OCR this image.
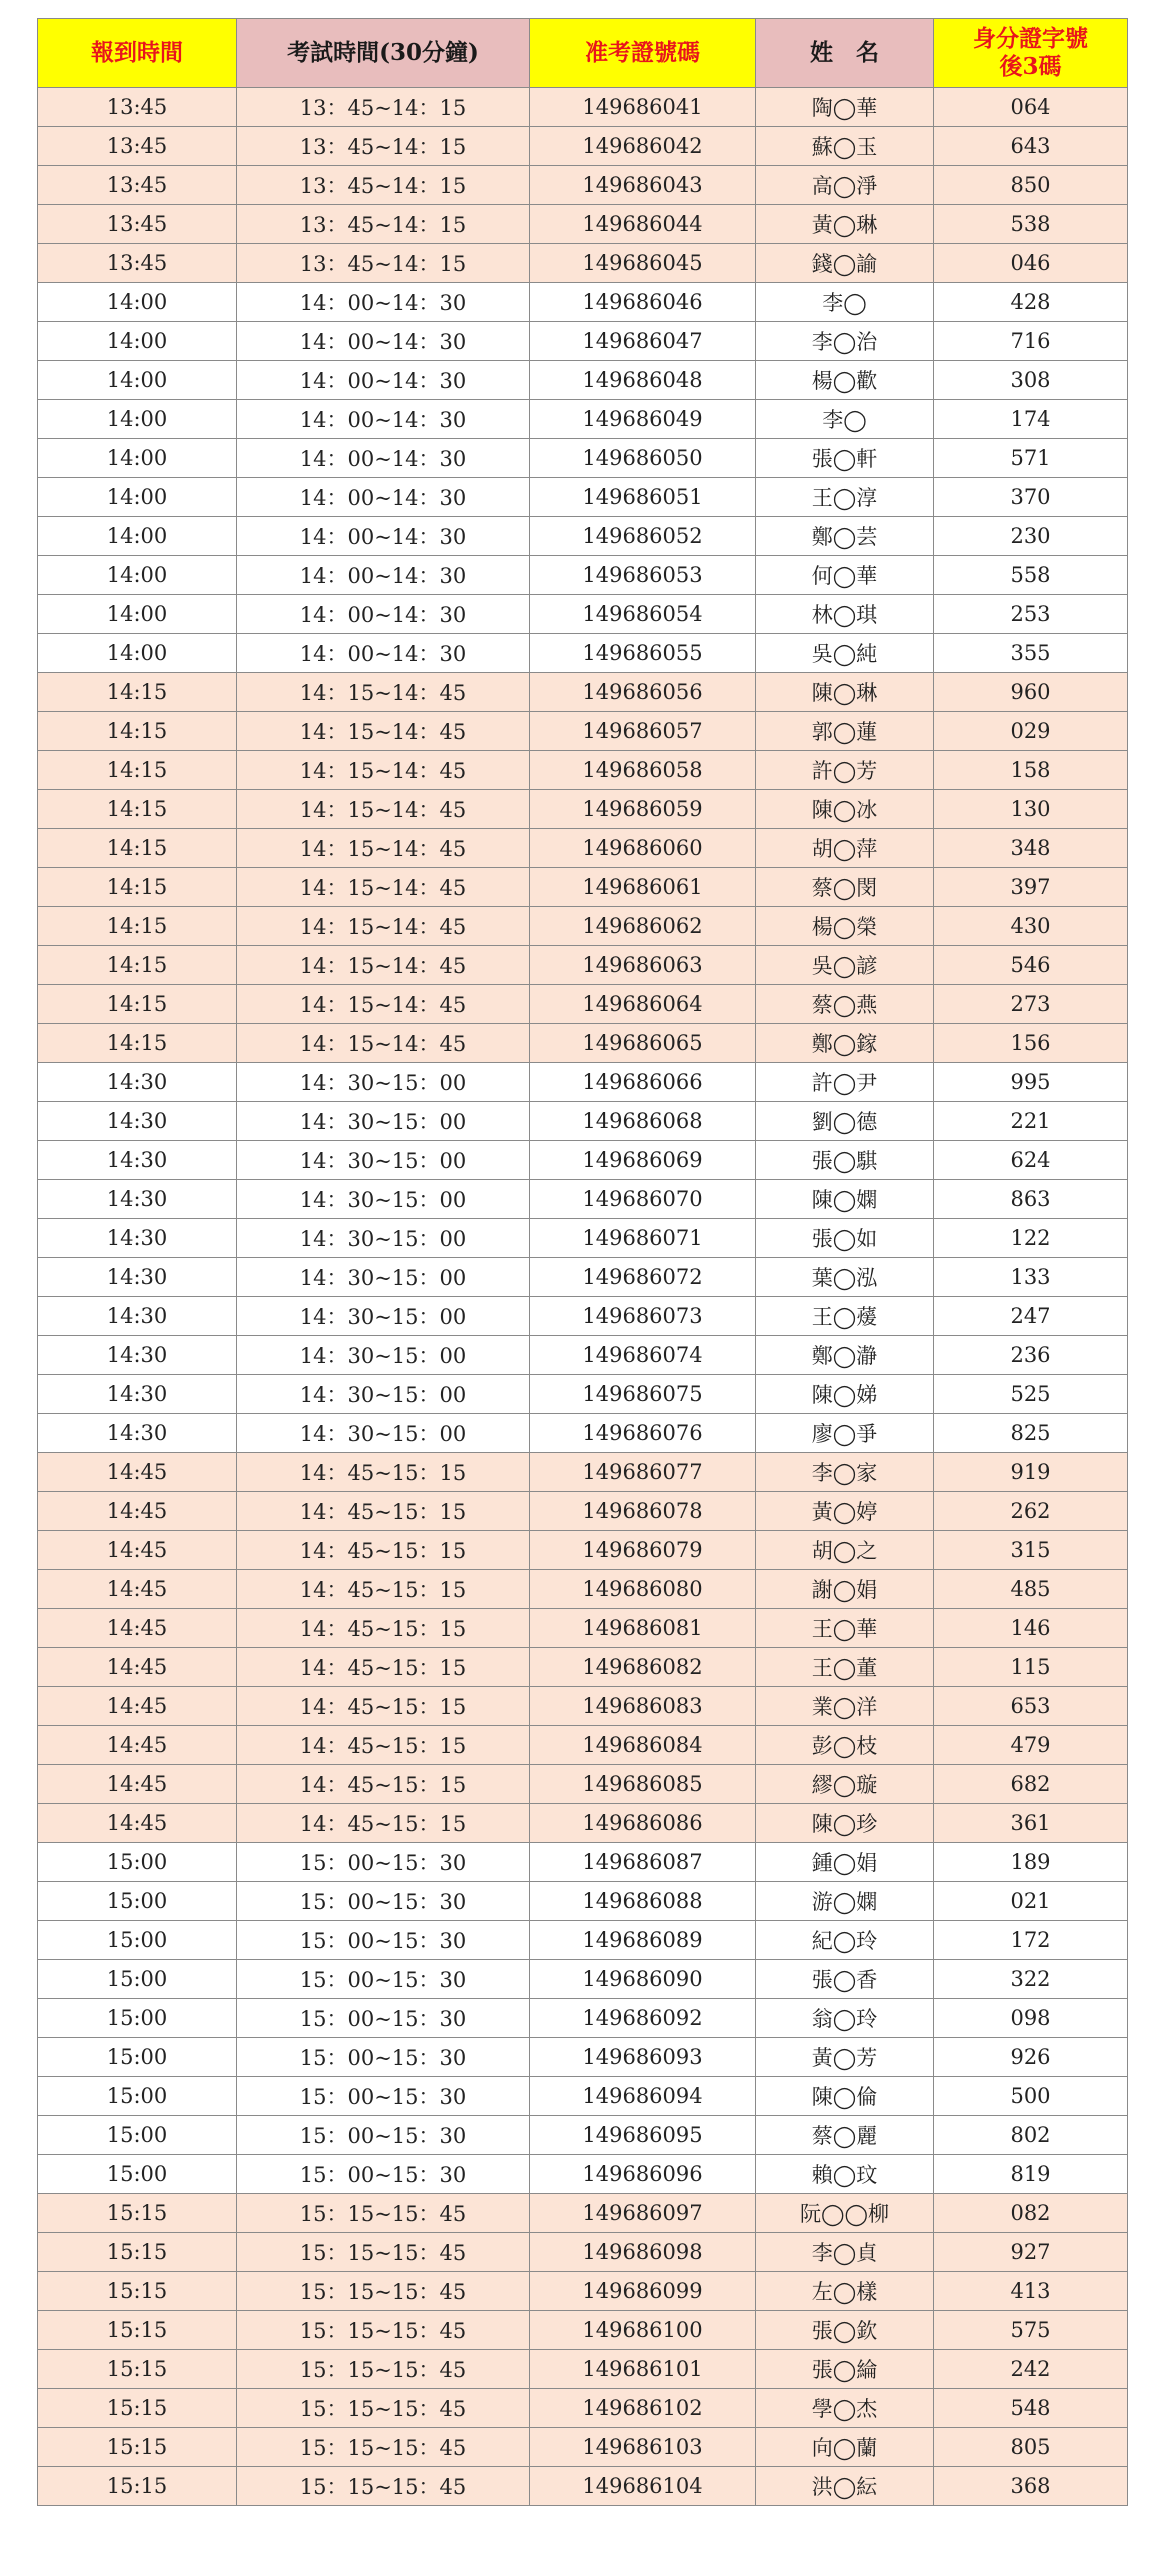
報到時間	考試時間(30分鐘)	准考證號碼	姓　名	身分證字號
後3碼
13:45	13：45~14：15	149686041	陶◯華	064
13:45	13：45~14：15	149686042	蘇◯玉	643
13:45	13：45~14：15	149686043	高◯淨	850
13:45	13：45~14：15	149686044	黃◯琳	538
13:45	13：45~14：15	149686045	錢◯諭	046
14:00	14：00~14：30	149686046	李◯	428
14:00	14：00~14：30	149686047	李◯治	716
14:00	14：00~14：30	149686048	楊◯歡	308
14:00	14：00~14：30	149686049	李◯	174
14:00	14：00~14：30	149686050	張◯軒	571
14:00	14：00~14：30	149686051	王◯淳	370
14:00	14：00~14：30	149686052	鄭◯芸	230
14:00	14：00~14：30	149686053	何◯華	558
14:00	14：00~14：30	149686054	林◯琪	253
14:00	14：00~14：30	149686055	吳◯純	355
14:15	14：15~14：45	149686056	陳◯琳	960
14:15	14：15~14：45	149686057	郭◯蓮	029
14:15	14：15~14：45	149686058	許◯芳	158
14:15	14：15~14：45	149686059	陳◯冰	130
14:15	14：15~14：45	149686060	胡◯萍	348
14:15	14：15~14：45	149686061	蔡◯閔	397
14:15	14：15~14：45	149686062	楊◯榮	430
14:15	14：15~14：45	149686063	吳◯諺	546
14:15	14：15~14：45	149686064	蔡◯燕	273
14:15	14：15~14：45	149686065	鄭◯鎵	156
14:30	14：30~15：00	149686066	許◯尹	995
14:30	14：30~15：00	149686068	劉◯德	221
14:30	14：30~15：00	149686069	張◯騏	624
14:30	14：30~15：00	149686070	陳◯嫻	863
14:30	14：30~15：00	149686071	張◯如	122
14:30	14：30~15：00	149686072	葉◯泓	133
14:30	14：30~15：00	149686073	王◯蕿	247
14:30	14：30~15：00	149686074	鄭◯瀞	236
14:30	14：30~15：00	149686075	陳◯娣	525
14:30	14：30~15：00	149686076	廖◯爭	825
14:45	14：45~15：15	149686077	李◯家	919
14:45	14：45~15：15	149686078	黃◯婷	262
14:45	14：45~15：15	149686079	胡◯之	315
14:45	14：45~15：15	149686080	謝◯娟	485
14:45	14：45~15：15	149686081	王◯華	146
14:45	14：45~15：15	149686082	王◯董	115
14:45	14：45~15：15	149686083	業◯洋	653
14:45	14：45~15：15	149686084	彭◯枝	479
14:45	14：45~15：15	149686085	繆◯璇	682
14:45	14：45~15：15	149686086	陳◯珍	361
15:00	15：00~15：30	149686087	鍾◯娟	189
15:00	15：00~15：30	149686088	游◯嫻	021
15:00	15：00~15：30	149686089	紀◯玲	172
15:00	15：00~15：30	149686090	張◯香	322
15:00	15：00~15：30	149686092	翁◯玲	098
15:00	15：00~15：30	149686093	黃◯芳	926
15:00	15：00~15：30	149686094	陳◯倫	500
15:00	15：00~15：30	149686095	蔡◯麗	802
15:00	15：00~15：30	149686096	賴◯玟	819
15:15	15：15~15：45	149686097	阮◯◯柳	082
15:15	15：15~15：45	149686098	李◯貞	927
15:15	15：15~15：45	149686099	左◯樣	413
15:15	15：15~15：45	149686100	張◯欽	575
15:15	15：15~15：45	149686101	張◯綸	242
15:15	15：15~15：45	149686102	學◯杰	548
15:15	15：15~15：45	149686103	向◯蘭	805
15:15	15：15~15：45	149686104	洪◯紜	368
